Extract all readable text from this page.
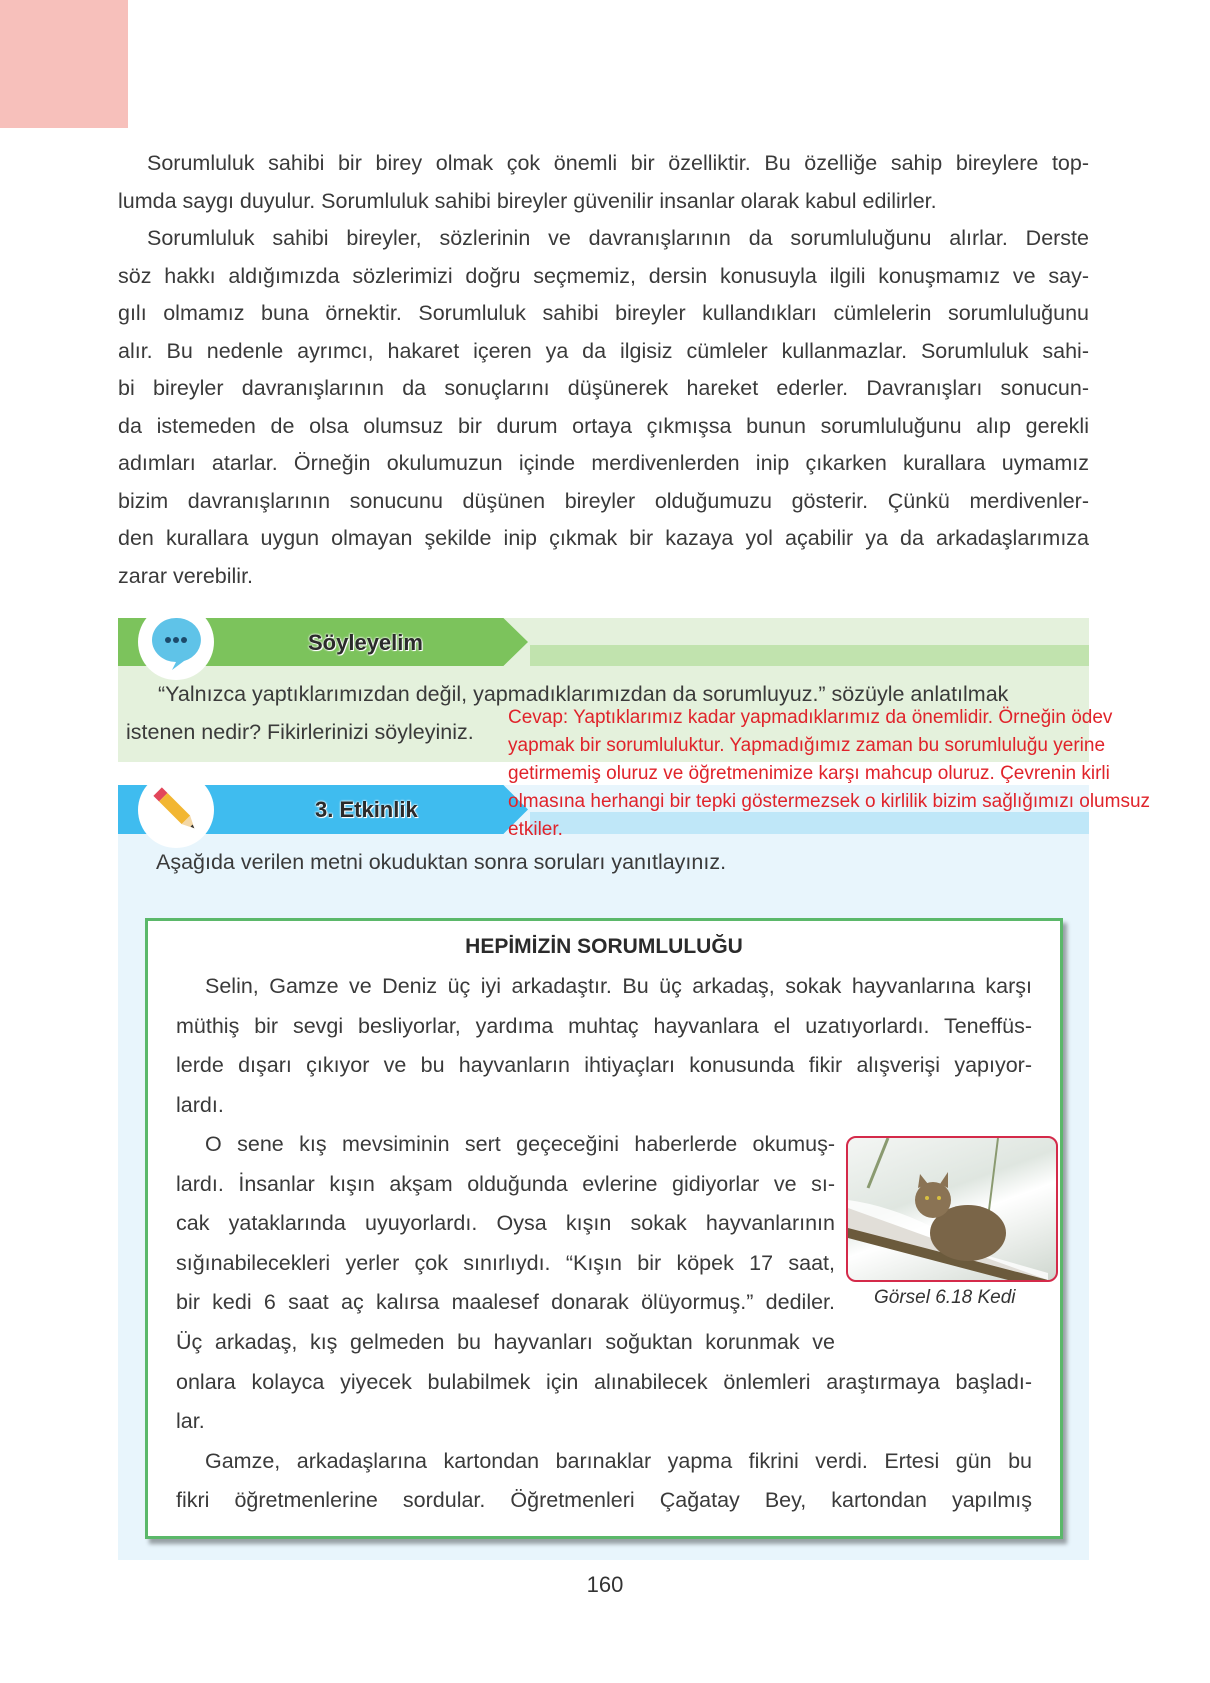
Sorumluluk sahibi bir birey olmak çok önemli bir özelliktir. Bu özelliğe sahip bireylere top-
lumda saygı duyulur. Sorumluluk sahibi bireyler güvenilir insanlar olarak kabul edilirler.
Sorumluluk sahibi bireyler, sözlerinin ve davranışlarının da sorumluluğunu alırlar. Derste
söz hakkı aldığımızda sözlerimizi doğru seçmemiz, dersin konusuyla ilgili konuşmamız ve say-
gılı olmamız buna örnektir. Sorumluluk sahibi bireyler kullandıkları cümlelerin sorumluluğunu
alır. Bu nedenle ayrımcı, hakaret içeren ya da ilgisiz cümleler kullanmazlar. Sorumluluk sahi-
bi bireyler davranışlarının da sonuçlarını düşünerek hareket ederler. Davranışları sonucun-
da istemeden de olsa olumsuz bir durum ortaya çıkmışsa bunun sorumluluğunu alıp gerekli
adımları atarlar. Örneğin okulumuzun içinde merdivenlerden inip çıkarken kurallara uymamız
bizim davranışlarının sonucunu düşünen bireyler olduğumuzu gösterir. Çünkü merdivenler-
den kurallara uygun olmayan şekilde inip çıkmak bir kazaya yol açabilir ya da arkadaşlarımıza
zarar verebilir.
Söyleyelim
“Yalnızca yaptıklarımızdan değil, yapmadıklarımızdan da sorumluyuz.” sözüyle anlatılmak
istenen nedir? Fikirlerinizi söyleyiniz.
3. Etkinlik
Cevap: Yaptıklarımız kadar yapmadıklarımız da önemlidir. Örneğin ödev
yapmak bir sorumluluktur. Yapmadığımız zaman bu sorumluluğu yerine
getirmemiş oluruz ve öğretmenimize karşı mahcup oluruz. Çevrenin kirli
olmasına herhangi bir tepki göstermezsek o kirlilik bizim sağlığımızı olumsuz
etkiler.
Aşağıda verilen metni okuduktan sonra soruları yanıtlayınız.
HEPİMİZİN SORUMLULUĞU
Selin, Gamze ve Deniz üç iyi arkadaştır. Bu üç arkadaş, sokak hayvanlarına karşı
müthiş bir sevgi besliyorlar, yardıma muhtaç hayvanlara el uzatıyorlardı. Teneffüs-
lerde dışarı çıkıyor ve bu hayvanların ihtiyaçları konusunda fikir alışverişi yapıyor-
lardı.
O sene kış mevsiminin sert geçeceğini haberlerde okumuş-
lardı. İnsanlar kışın akşam olduğunda evlerine gidiyorlar ve sı-
cak yataklarında uyuyorlardı. Oysa kışın sokak hayvanlarının
sığınabilecekleri yerler çok sınırlıydı. “Kışın bir köpek 17 saat,
bir kedi 6 saat aç kalırsa maalesef donarak ölüyormuş.” dediler.
Üç arkadaş, kış gelmeden bu hayvanları soğuktan korunmak ve
onlara kolayca yiyecek bulabilmek için alınabilecek önlemleri araştırmaya başladı-
lar.
Gamze, arkadaşlarına kartondan barınaklar yapma fikrini verdi. Ertesi gün bu
fikri öğretmenlerine sordular. Öğretmenleri Çağatay Bey, kartondan yapılmış
Görsel 6.18 Kedi
160
